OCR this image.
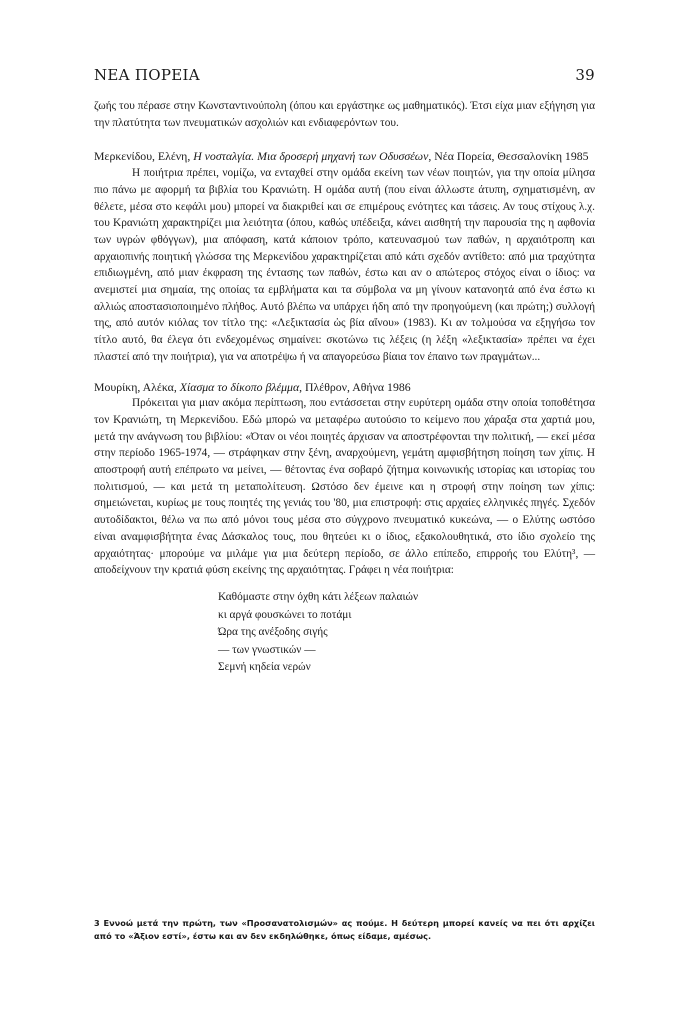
ΝΕΑ ΠΟΡΕΙΑ	39

ζωής του πέρασε στην Κωνσταντινούπολη (όπου και εργάστηκε ως μαθηματικός). Έτσι είχα μιαν εξήγηση για την πλατύτητα των πνευματικών ασχολιών και ενδιαφερόντων του.

Μερκενίδου, Ελένη, Η νοσταλγία. Μια δροσερή μηχανή των Οδυσσέων, Νέα Πορεία, Θεσσαλονίκη 1985

Η ποιήτρια πρέπει, νομίζω, να ενταχθεί στην ομάδα εκείνη των νέων ποιητών, για την οποία μίλησα πιο πάνω με αφορμή τα βιβλία του Κρανιώτη. Η ομάδα αυτή (που είναι άλλωστε άτυπη, σχηματισμένη, αν θέλετε, μέσα στο κεφάλι μου) μπορεί να διακριθεί και σε επιμέρους ενότητες και τάσεις. Αν τους στίχους λ.χ. του Κρανιώτη χαρακτηρίζει μια λειότητα (όπου, καθώς υπέδειξα, κάνει αισθητή την παρουσία της η αφθονία των υγρών φθόγγων), μια απόφαση, κατά κάποιον τρόπο, κατευνασμού των παθών, η αρχαιότροπη και αρχαιοπινής ποιητική γλώσσα της Μερκενίδου χαρακτηρίζεται από κάτι σχεδόν αντίθετο: από μια τραχύτητα επιδιωγμένη, από μιαν έκφραση της έντασης των παθών, έστω και αν ο απώτερος στόχος είναι ο ίδιος: να ανεμιστεί μια σημαία, της οποίας τα εμβλήματα και τα σύμβολα να μη γίνουν κατανοητά από ένα έστω κι αλλιώς αποστασιοποιημένο πλήθος. Αυτό βλέπω να υπάρχει ήδη από την προηγούμενη (και πρώτη;) συλλογή της, από αυτόν κιόλας τον τίτλο της: «Λεξικτασία ὡς βία αἴνου» (1983). Κι αν τολμούσα να εξηγήσω τον τίτλο αυτό, θα έλεγα ότι ενδεχομένως σημαίνει: σκοτώνω τις λέξεις (η λέξη «λεξικτασία» πρέπει να έχει πλαστεί από την ποιήτρια), για να αποτρέψω ή να απαγορεύσω βίαια τον έπαινο των πραγμάτων...

Μουρίκη, Αλέκα, Χίασμα το δίκοπο βλέμμα, Πλέθρον, Αθήνα 1986

Πρόκειται για μιαν ακόμα περίπτωση, που εντάσσεται στην ευρύτερη ομάδα στην οποία τοποθέτησα τον Κρανιώτη, τη Μερκενίδου. Εδώ μπορώ να μεταφέρω αυτούσιο το κείμενο που χάραξα στα χαρτιά μου, μετά την ανάγνωση του βιβλίου: «Όταν οι νέοι ποιητές άρχισαν να αποστρέφονται την πολιτική, — εκεί μέσα στην περίοδο 1965-1974, — στράφηκαν στην ξένη, αναρχούμενη, γεμάτη αμφισβήτηση ποίηση των χίπις. Η αποστροφή αυτή επέπρωτο να μείνει, — θέτοντας ένα σοβαρό ζήτημα κοινωνικής ιστορίας και ιστορίας του πολιτισμού, — και μετά τη μεταπολίτευση. Ωστόσο δεν έμεινε και η στροφή στην ποίηση των χίπις: σημειώνεται, κυρίως με τους ποιητές της γενιάς του '80, μια επιστροφή: στις αρχαίες ελληνικές πηγές. Σχεδόν αυτοδίδακτοι, θέλω να πω από μόνοι τους μέσα στο σύγχρονο πνευματικό κυκεώνα, — ο Ελύτης ωστόσο είναι αναμφισβήτητα ένας Δάσκαλος τους, που θητεύει κι ο ίδιος, εξακολουθητικά, στο ίδιο σχολείο της αρχαιότητας· μπορούμε να μιλάμε για μια δεύτερη περίοδο, σε άλλο επίπεδο, επιρροής του Ελύτη³, — αποδείχνουν την κρατιά φύση εκείνης της αρχαιότητας. Γράφει η νέα ποιήτρια:

Καθόμαστε στην όχθη κάτι λέξεων παλαιών
κι αργά φουσκώνει το ποτάμι
Ώρα της ανέξοδης σιγής
— των γνωστικών —
Σεμνή κηδεία νερών

3 Εννοώ μετά την πρώτη, των «Προσανατολισμών» ας πούμε. Η δεύτερη μπορεί κανείς να πει ότι αρχίζει από το «Άξιον εστί», έστω και αν δεν εκδηλώθηκε, όπως είδαμε, αμέσως.
